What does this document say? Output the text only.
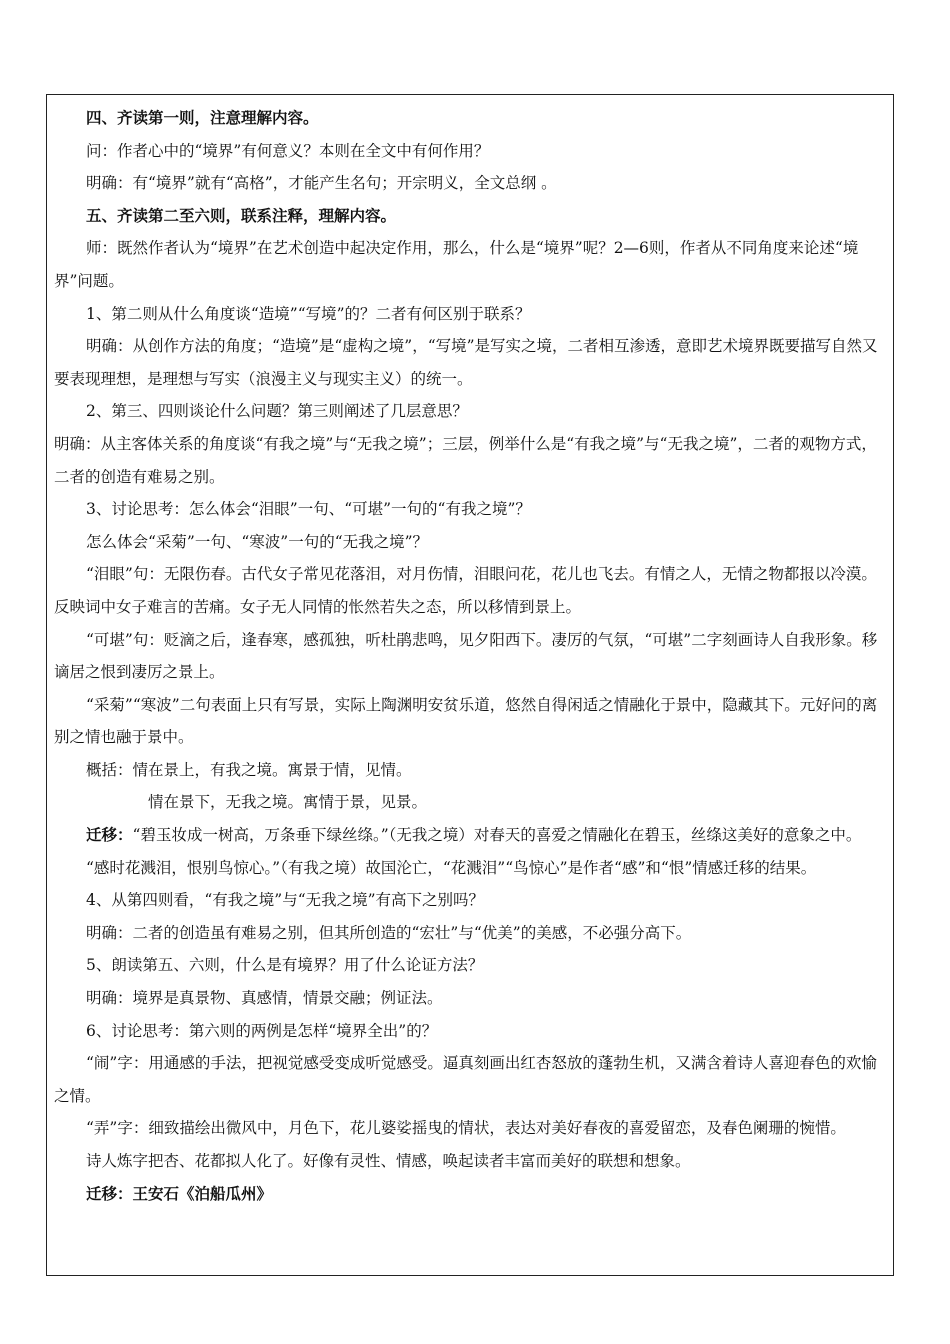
四、齐读第一则，注意理解内容。

问：作者心中的“境界”有何意义？本则在全文中有何作用？

明确：有“境界”就有“高格”，才能产生名句；开宗明义，全文总纲 。

五、齐读第二至六则，联系注释，理解内容。

师：既然作者认为“境界”在艺术创造中起决定作用，那么，什么是“境界”呢？2—6则，作者从不同角度来论述“境界”问题。

1、第二则从什么角度谈“造境”“写境”的？二者有何区别于联系？

明确：从创作方法的角度；“造境”是“虚构之境”，“写境”是写实之境，二者相互渗透，意即艺术境界既要描写自然又要表现理想，是理想与写实（浪漫主义与现实主义）的统一。

2、第三、四则谈论什么问题？第三则阐述了几层意思？

明确：从主客体关系的角度谈“有我之境”与“无我之境”；三层，例举什么是“有我之境”与“无我之境”，二者的观物方式，二者的创造有难易之别。

3、讨论思考：怎么体会“泪眼”一句、“可堪”一句的“有我之境”？

怎么体会“采菊”一句、“寒波”一句的“无我之境”？

“泪眼”句：无限伤春。古代女子常见花落泪，对月伤情，泪眼问花，花儿也飞去。有情之人，无情之物都报以冷漠。反映词中女子难言的苦痛。女子无人同情的怅然若失之态，所以移情到景上。

“可堪”句：贬滴之后，逢春寒，感孤独，听杜鹃悲鸣，见夕阳西下。凄厉的气氛，“可堪”二字刻画诗人自我形象。移谪居之恨到凄厉之景上。

“采菊”“寒波”二句表面上只有写景，实际上陶渊明安贫乐道，悠然自得闲适之情融化于景中，隐藏其下。元好问的离别之情也融于景中。

概括：情在景上，有我之境。寓景于情，见情。

情在景下，无我之境。寓情于景，见景。

迁移：“碧玉妆成一树高，万条垂下绿丝绦。”（无我之境）对春天的喜爱之情融化在碧玉，丝绦这美好的意象之中。

“感时花溅泪，恨别鸟惊心。”（有我之境）故国沦亡，“花溅泪”“鸟惊心”是作者“感”和“恨”情感迁移的结果。

4、从第四则看，“有我之境”与“无我之境”有高下之别吗？

明确：二者的创造虽有难易之别，但其所创造的“宏壮”与“优美”的美感，不必强分高下。

5、朗读第五、六则，什么是有境界？用了什么论证方法？

明确：境界是真景物、真感情，情景交融；例证法。

6、讨论思考：第六则的两例是怎样“境界全出”的？

“闹”字：用通感的手法，把视觉感受变成听觉感受。逼真刻画出红杏怒放的蓬勃生机，又满含着诗人喜迎春色的欢愉之情。

“弄”字：细致描绘出微风中，月色下，花儿婆娑摇曳的情状，表达对美好春夜的喜爱留恋，及春色阑珊的惋惜。

诗人炼字把杏、花都拟人化了。好像有灵性、情感，唤起读者丰富而美好的联想和想象。

迁移：王安石《泊船瓜州》
